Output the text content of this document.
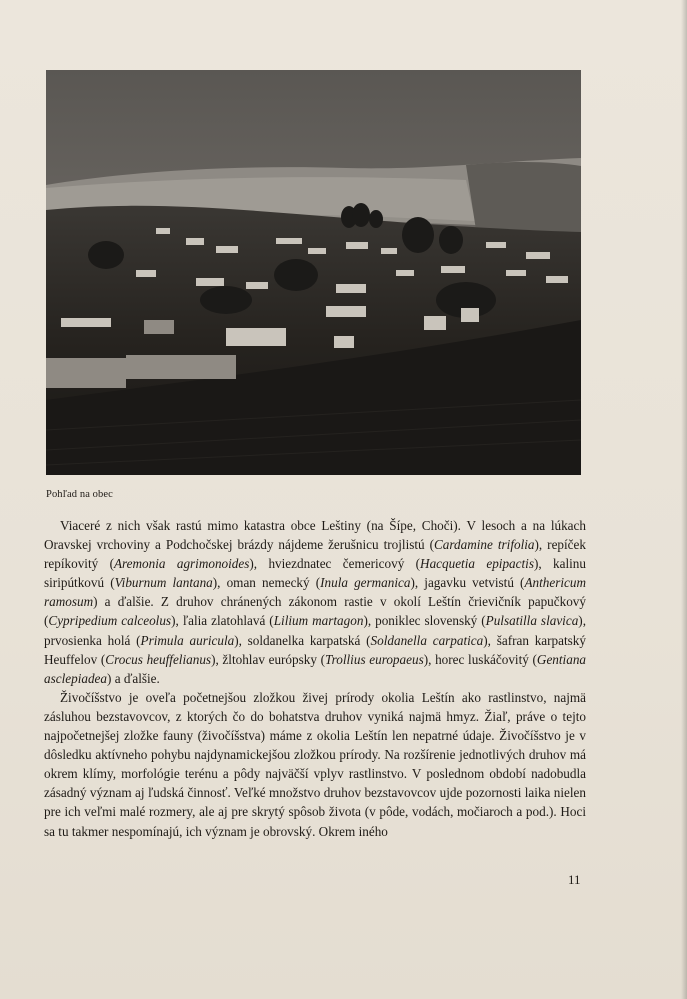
Pohľad na obec

Viaceré z nich však rastú mimo katastra obce Leštiny (na Šípe, Choči). V lesoch a na lúkach Oravskej vrchoviny a Podchočskej brázdy nájdeme žerušnicu trojlistú (Cardamine trifolia), repíček repíkovitý (Aremonia agrimonoides), hviezdnatec čemericový (Hacquetia epipactis), kalinu siripútkovú (Viburnum lantana), oman nemecký (Inula germanica), jagavku vetvistú (Anthericum ramosum) a ďalšie. Z druhov chránených zákonom rastie v okolí Leštín črievičník papučkový (Cypripedium calceolus), ľalia zlatohlavá (Lilium martagon), poniklec slovenský (Pulsatilla slavica), prvosienka holá (Primula auricula), soldanelka karpatská (Soldanella carpatica), šafran karpatský Heuffelov (Crocus heuffelianus), žltohlav európsky (Trollius europaeus), horec luskáčovitý (Gentiana asclepiadea) a ďalšie.

Živočíšstvo je oveľa početnejšou zložkou živej prírody okolia Leštín ako rastlinstvo, najmä zásluhou bezstavovcov, z ktorých čo do bohatstva druhov vyniká najmä hmyz. Žiaľ, práve o tejto najpočetnejšej zložke fauny (živočíšstva) máme z okolia Leštín len nepatrné údaje. Živočíšstvo je v dôsledku aktívneho pohybu najdynamickejšou zložkou prírody. Na rozšírenie jednotlivých druhov má okrem klímy, morfológie terénu a pôdy najväčší vplyv rastlinstvo. V poslednom období nadobudla zásadný význam aj ľudská činnosť. Veľké množstvo druhov bezstavovcov ujde pozornosti laika nielen pre ich veľmi malé rozmery, ale aj pre skrytý spôsob života (v pôde, vodách, močiaroch a pod.). Hoci sa tu takmer nespomínajú, ich význam je obrovský. Okrem iného

11
